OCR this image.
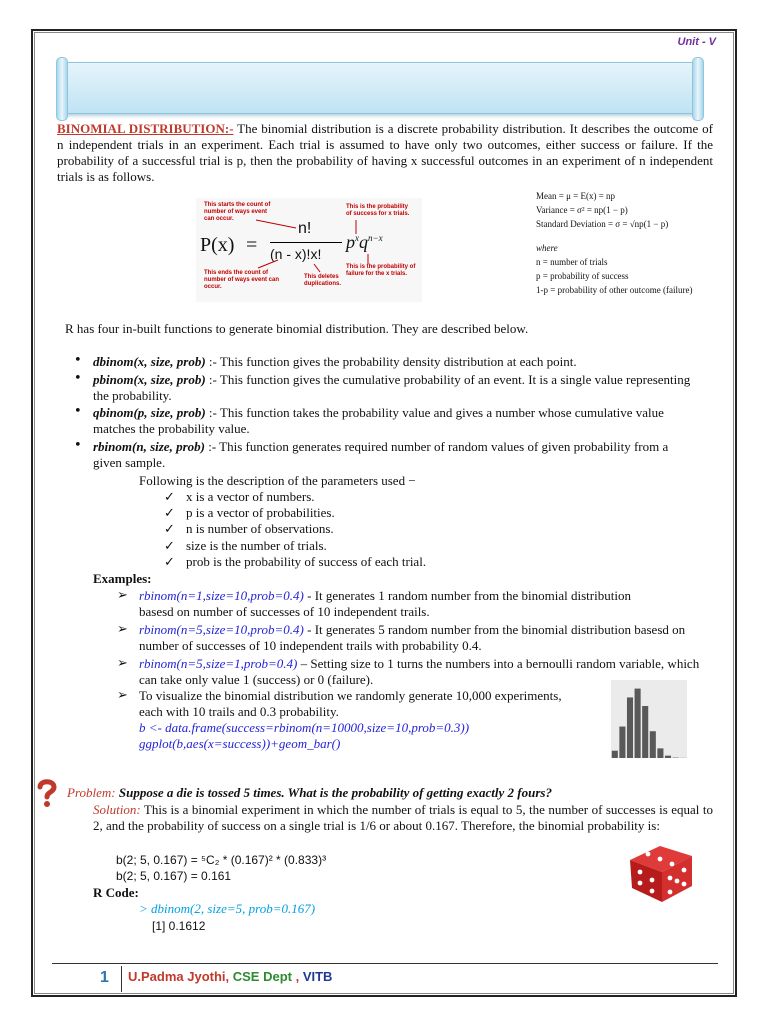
Unit - V
BINOMIAL DISTRIBUTION:- The binomial distribution is a discrete probability distribution. It describes the outcome of n independent trials in an experiment. Each trial is assumed to have only two outcomes, either success or failure. If the probability of a successful trial is p, then the probability of having x successful outcomes in an experiment of n independent trials is as follows.
This starts the count of number of ways event can occur.
This is the probability of success for x trials.
This ends the count of number of ways event can occur.
This deletes duplications.
This is the probability of failure for the x trials.
P(x) =
n!
(n - x)!x!
$p^xq^{n-x}$
Mean = μ = E(x) = np
Variance = σ² = np(1 − p)
Standard Deviation = σ = √np(1 − p)
where
n = number of trials
p = probability of success
1-p = probability of other outcome (failure)
R has four in-built functions to generate binomial distribution. They are described below.
• dbinom(x, size, prob) :- This function gives the probability density distribution at each point.
• pbinom(x, size, prob) :- This function gives the cumulative probability of an event. It is a single value representing the probability.
• qbinom(p, size, prob) :- This function takes the probability value and gives a number whose cumulative value matches the probability value.
• rbinom(n, size, prob) :- This function generates required number of random values of given probability from a given sample.
Following is the description of the parameters used −
✓ x is a vector of numbers.
✓ p is a vector of probabilities.
✓ n is number of observations.
✓ size is the number of trials.
✓ prob is the probability of success of each trial.
Examples:
➢ rbinom(n=1,size=10,prob=0.4) - It generates 1 random number from the binomial distribution basesd on number of successes of 10 independent trails.
➢ rbinom(n=5,size=10,prob=0.4) - It generates 5 random number from the binomial distribution basesd on number of successes of 10 independent trails with probability 0.4.
➢ rbinom(n=5,size=1,prob=0.4) – Setting size to 1 turns the numbers into a bernoulli random variable, which can take only value 1 (success) or 0 (failure).
➢ To visualize the binomial distribution we randomly generate 10,000 experiments, each with 10 trails and 0.3 probability.
b <- data.frame(success=rbinom(n=10000,size=10,prob=0.3))
ggplot(b,aes(x=success))+geom_bar()
Problem: Suppose a die is tossed 5 times. What is the probability of getting exactly 2 fours?
Solution: This is a binomial experiment in which the number of trials is equal to 5, the number of successes is equal to 2, and the probability of success on a single trial is 1/6 or about 0.167. Therefore, the binomial probability is:
b(2; 5, 0.167) = ⁵C₂ * (0.167)² * (0.833)³
b(2; 5, 0.167) = 0.161
R Code:
> dbinom(2, size=5, prob=0.167)
[1] 0.1612
1 U.Padma Jyothi, CSE Dept , VITB
